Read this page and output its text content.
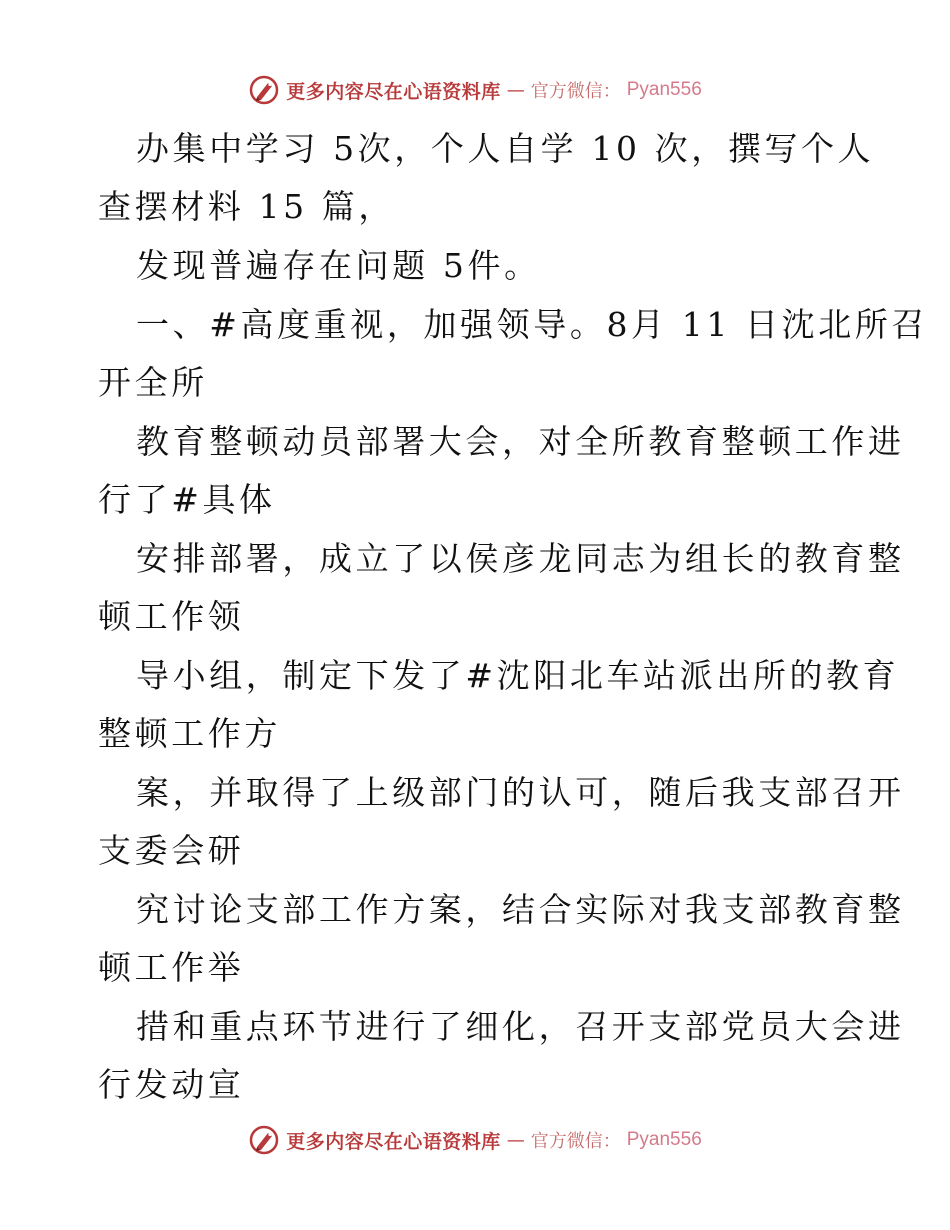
更多内容尽在心语资料库 — 官方微信： Pyan556
办集中学习 5次，个人自学 10 次，撰写个人
查摆材料 15 篇，
发现普遍存在问题 5件。
一、#高度重视，加强领导。8月 11 日沈北所召
开全所
教育整顿动员部署大会，对全所教育整顿工作进
行了#具体
安排部署，成立了以侯彦龙同志为组长的教育整
顿工作领
导小组，制定下发了#沈阳北车站派出所的教育
整顿工作方
案，并取得了上级部门的认可，随后我支部召开
支委会研
究讨论支部工作方案，结合实际对我支部教育整
顿工作举
措和重点环节进行了细化，召开支部党员大会进
行发动宣
更多内容尽在心语资料库 — 官方微信： Pyan556
